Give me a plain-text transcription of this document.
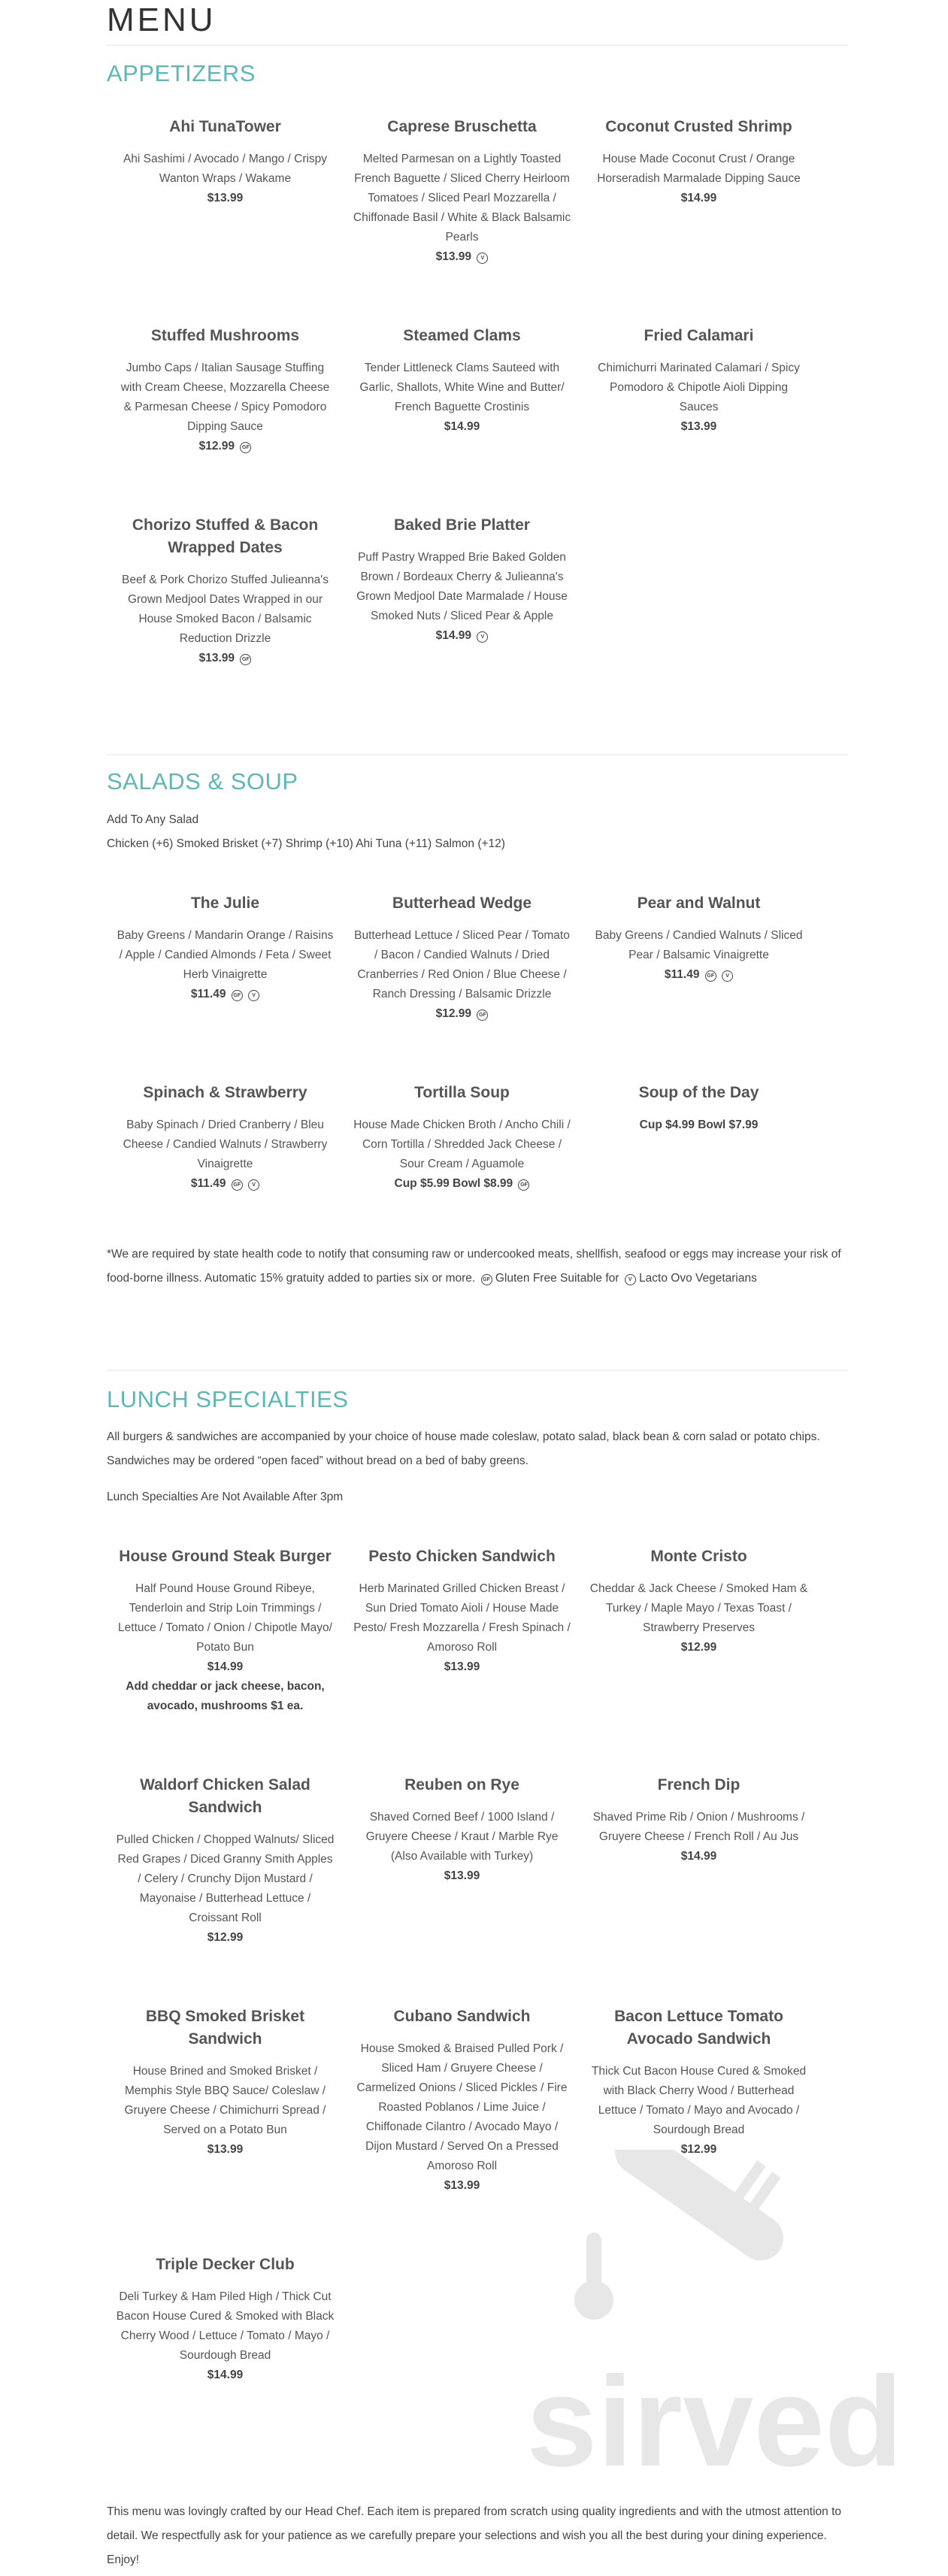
sirved
MENU
APPETIZERS
Ahi TunaTower

Ahi Sashimi / Avocado / Mango / Crispy Wanton Wraps / Wakame

$13.99

Caprese Bruschetta

Melted Parmesan on a Lightly Toasted French Baguette / Sliced Cherry Heirloom Tomatoes / Sliced Pearl Mozzarella / Chiffonade Basil / White & Black Balsamic Pearls

$13.99 V

Coconut Crusted Shrimp

House Made Coconut Crust / Orange Horseradish Marmalade Dipping Sauce

$14.99

Stuffed Mushrooms

Jumbo Caps / Italian Sausage Stuffing with Cream Cheese, Mozzarella Cheese & Parmesan Cheese / Spicy Pomodoro Dipping Sauce

$12.99 GF

Steamed Clams

Tender Littleneck Clams Sauteed with Garlic, Shallots, White Wine and Butter/ French Baguette Crostinis

$14.99

Fried Calamari

Chimichurri Marinated Calamari / Spicy Pomodoro & Chipotle Aioli Dipping Sauces

$13.99

Chorizo Stuffed & Bacon Wrapped Dates

Beef & Pork Chorizo Stuffed Julieanna's Grown Medjool Dates Wrapped in our House Smoked Bacon / Balsamic Reduction Drizzle

$13.99 GF

Baked Brie Platter

Puff Pastry Wrapped Brie Baked Golden Brown / Bordeaux Cherry & Julieanna's Grown Medjool Date Marmalade / House Smoked Nuts / Sliced Pear & Apple

$14.99 V

SALADS & SOUP

Add To Any Salad

Chicken (+6) Smoked Brisket (+7) Shrimp (+10) Ahi Tuna (+11) Salmon (+12)

The Julie

Baby Greens / Mandarin Orange / Raisins / Apple / Candied Almonds / Feta / Sweet Herb Vinaigrette

$11.49 GF V

Butterhead Wedge

Butterhead Lettuce / Sliced Pear / Tomato / Bacon / Candied Walnuts / Dried Cranberries / Red Onion / Blue Cheese / Ranch Dressing / Balsamic Drizzle

$12.99 GF

Pear and Walnut

Baby Greens / Candied Walnuts / Sliced Pear / Balsamic Vinaigrette

$11.49 GF V

Spinach & Strawberry

Baby Spinach / Dried Cranberry / Bleu Cheese / Candied Walnuts / Strawberry Vinaigrette

$11.49 GF V

Tortilla Soup

House Made Chicken Broth / Ancho Chili / Corn Tortilla / Shredded Jack Cheese / Sour Cream / Aguamole

Cup $5.99 Bowl $8.99 GF

Soup of the Day

Cup $4.99 Bowl $7.99

*We are required by state health code to notify that consuming raw or undercooked meats, shellfish, seafood or eggs may increase your risk of food-borne illness. Automatic 15% gratuity added to parties six or more. GF Gluten Free Suitable for V Lacto Ovo Vegetarians

LUNCH SPECIALTIES

All burgers & sandwiches are accompanied by your choice of house made coleslaw, potato salad, black bean & corn salad or potato chips. Sandwiches may be ordered “open faced” without bread on a bed of baby greens.

Lunch Specialties Are Not Available After 3pm

House Ground Steak Burger

Half Pound House Ground Ribeye, Tenderloin and Strip Loin Trimmings / Lettuce / Tomato / Onion / Chipotle Mayo/ Potato Bun

$14.99

Add cheddar or jack cheese, bacon, avocado, mushrooms $1 ea.

Pesto Chicken Sandwich

Herb Marinated Grilled Chicken Breast / Sun Dried Tomato Aioli / House Made Pesto/ Fresh Mozzarella / Fresh Spinach / Amoroso Roll

$13.99

Monte Cristo

Cheddar & Jack Cheese / Smoked Ham & Turkey / Maple Mayo / Texas Toast / Strawberry Preserves

$12.99

Waldorf Chicken Salad Sandwich

Pulled Chicken / Chopped Walnuts/ Sliced Red Grapes / Diced Granny Smith Apples / Celery / Crunchy Dijon Mustard / Mayonaise / Butterhead Lettuce / Croissant Roll

$12.99

Reuben on Rye

Shaved Corned Beef / 1000 Island / Gruyere Cheese / Kraut / Marble Rye

(Also Available with Turkey)

$13.99

French Dip

Shaved Prime Rib / Onion / Mushrooms / Gruyere Cheese / French Roll / Au Jus

$14.99

BBQ Smoked Brisket Sandwich

House Brined and Smoked Brisket / Memphis Style BBQ Sauce/ Coleslaw / Gruyere Cheese / Chimichurri Spread / Served on a Potato Bun

$13.99

Cubano Sandwich

House Smoked & Braised Pulled Pork / Sliced Ham / Gruyere Cheese / Carmelized Onions / Sliced Pickles / Fire Roasted Poblanos / Lime Juice / Chiffonade Cilantro / Avocado Mayo / Dijon Mustard / Served On a Pressed Amoroso Roll

$13.99

Bacon Lettuce Tomato Avocado Sandwich

Thick Cut Bacon House Cured & Smoked with Black Cherry Wood / Butterhead Lettuce / Tomato / Mayo and Avocado / Sourdough Bread

$12.99

Triple Decker Club

Deli Turkey & Ham Piled High / Thick Cut Bacon House Cured & Smoked with Black Cherry Wood / Lettuce / Tomato / Mayo / Sourdough Bread

$14.99

This menu was lovingly crafted by our Head Chef. Each item is prepared from scratch using quality ingredients and with the utmost attention to detail. We respectfully ask for your patience as we carefully prepare your selections and wish you all the best during your dining experience. Enjoy!
